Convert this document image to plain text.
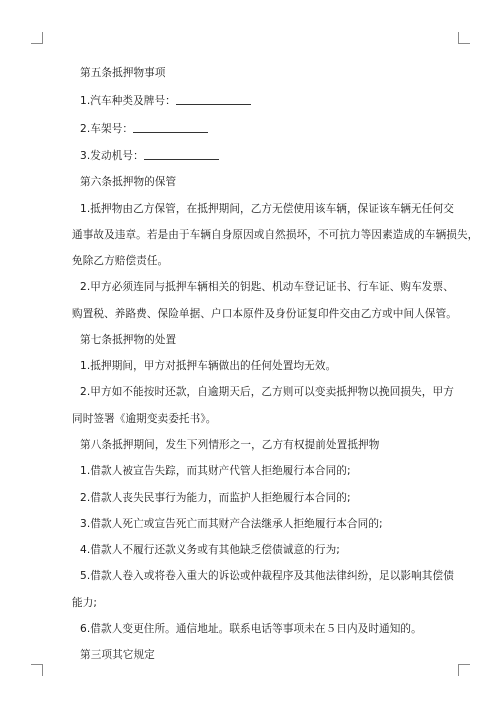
第五条抵押物事项
1.汽车种类及牌号：
2.车架号：
3.发动机号：
第六条抵押物的保管
1.抵押物由乙方保管，在抵押期间，乙方无偿使用该车辆，保证该车辆无任何交
通事故及违章。若是由于车辆自身原因或自然损坏，不可抗力等因素造成的车辆损失，
免除乙方赔偿责任。
2.甲方必须连同与抵押车辆相关的钥匙、机动车登记证书、行车证、购车发票、
购置税、养路费、保险单据、户口本原件及身份证复印件交由乙方或中间人保管。
第七条抵押物的处置
1.抵押期间，甲方对抵押车辆做出的任何处置均无效。
2.甲方如不能按时还款，自逾期天后，乙方则可以变卖抵押物以挽回损失，甲方
同时签署《逾期变卖委托书》。
第八条抵押期间，发生下列情形之一，乙方有权提前处置抵押物
1.借款人被宣告失踪，而其财产代管人拒绝履行本合同的;
2.借款人丧失民事行为能力，而监护人拒绝履行本合同的;
3.借款人死亡或宣告死亡而其财产合法继承人拒绝履行本合同的;
4.借款人不履行还款义务或有其他缺乏偿债诚意的行为;
5.借款人卷入或将卷入重大的诉讼或仲裁程序及其他法律纠纷，足以影响其偿债
能力;
6.借款人变更住所。通信地址。联系电话等事项未在５日内及时通知的。
第三项其它规定
